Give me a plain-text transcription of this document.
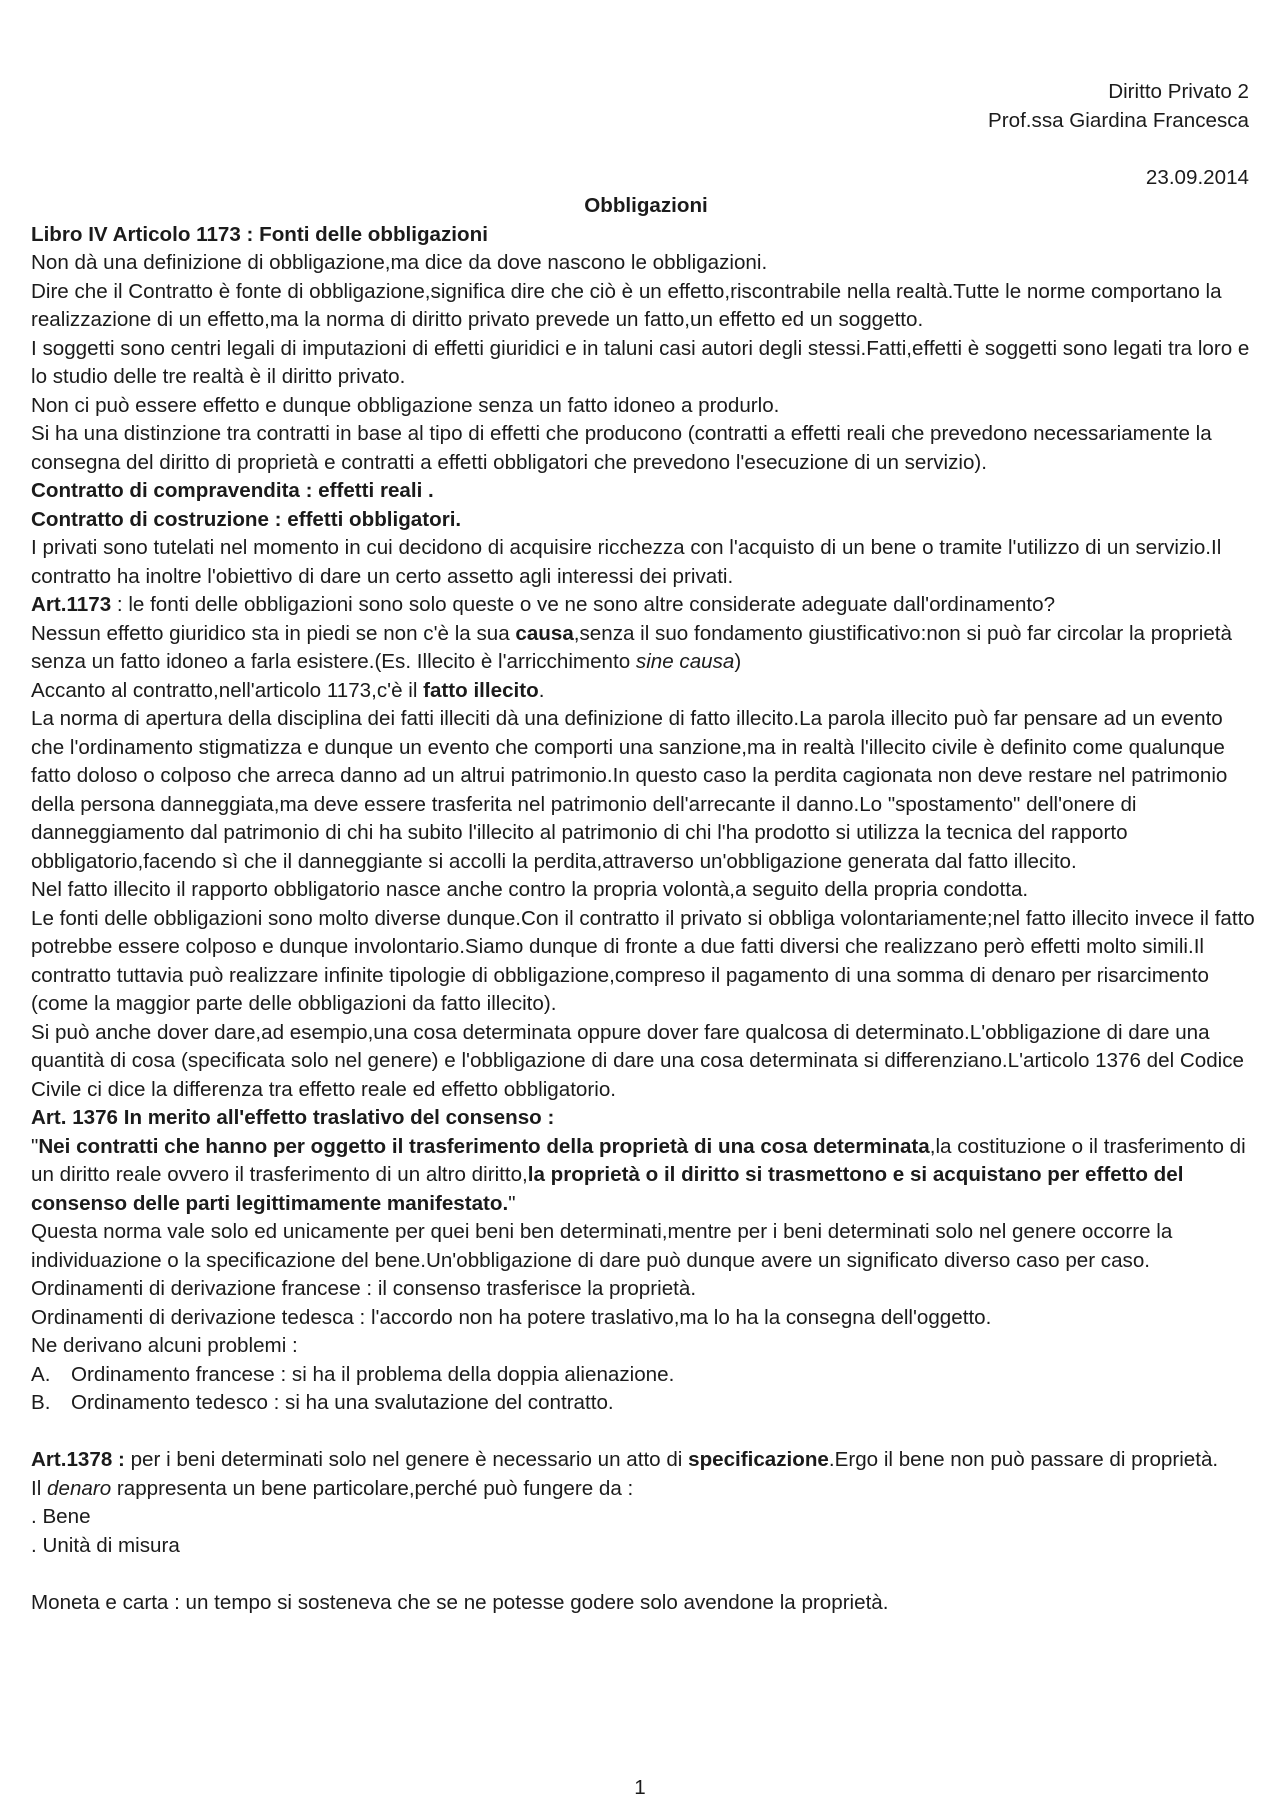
Diritto Privato 2
Prof.ssa Giardina Francesca
23.09.2014
Obbligazioni
Libro IV Articolo 1173 : Fonti delle obbligazioni
Non dà una definizione di obbligazione,ma dice da dove nascono le obbligazioni.
Dire che il Contratto è fonte di obbligazione,significa dire che ciò è un effetto,riscontrabile nella realtà.Tutte le norme comportano la realizzazione di un effetto,ma la norma di diritto privato prevede un fatto,un effetto ed un soggetto.
I soggetti sono centri legali di imputazioni di effetti giuridici e in taluni casi autori degli stessi.Fatti,effetti è soggetti sono legati tra loro e lo studio delle tre realtà è il diritto privato.
Non ci può essere effetto e dunque obbligazione senza un fatto idoneo a produrlo.
Si ha una distinzione tra contratti in base al tipo di effetti che producono (contratti a effetti reali che prevedono necessariamente la consegna del diritto di proprietà e contratti a effetti obbligatori che prevedono l'esecuzione di un servizio).
Contratto di compravendita : effetti reali .
Contratto di costruzione : effetti obbligatori.
I privati sono tutelati nel momento in cui decidono di acquisire ricchezza con l'acquisto di un bene o tramite l'utilizzo di un servizio.Il contratto ha inoltre l'obiettivo di dare un certo assetto agli interessi dei privati.
Art.1173 : le fonti delle obbligazioni sono solo queste o ve ne sono altre considerate adeguate dall'ordinamento?
Nessun effetto giuridico sta in piedi se non c'è la sua causa,senza il suo fondamento giustificativo:non si può far circolar la proprietà senza un fatto idoneo a farla esistere.(Es. Illecito è l'arricchimento sine causa)
Accanto al contratto,nell'articolo 1173,c'è il fatto illecito.
La norma di apertura della disciplina dei fatti illeciti dà una definizione di fatto illecito.La parola illecito può far pensare ad un evento che l'ordinamento stigmatizza e dunque un evento che comporti una sanzione,ma in realtà l'illecito civile è definito come qualunque fatto doloso o colposo che arreca danno ad un altrui patrimonio.In questo caso la perdita cagionata non deve restare nel patrimonio della persona danneggiata,ma deve essere trasferita nel patrimonio dell'arrecante il danno.Lo "spostamento" dell'onere di danneggiamento dal patrimonio di chi ha subito l'illecito al patrimonio di chi l'ha prodotto si utilizza la tecnica del rapporto obbligatorio,facendo sì che il danneggiante si accolli la perdita,attraverso un'obbligazione generata dal fatto illecito.
Nel fatto illecito il rapporto obbligatorio nasce anche contro la propria volontà,a seguito della propria condotta.
Le fonti delle obbligazioni sono molto diverse dunque.Con il contratto il privato si obbliga volontariamente;nel fatto illecito invece il fatto potrebbe essere colposo e dunque involontario.Siamo dunque di fronte a due fatti diversi che realizzano però effetti molto simili.Il contratto tuttavia può realizzare infinite tipologie di obbligazione,compreso il pagamento di una somma di denaro per risarcimento (come la maggior parte delle obbligazioni da fatto illecito).
Si può anche dover dare,ad esempio,una cosa determinata oppure dover fare qualcosa di determinato.L'obbligazione di dare una quantità di cosa (specificata solo nel genere) e l'obbligazione di dare una cosa determinata si differenziano.L'articolo 1376 del Codice Civile ci dice la differenza tra effetto reale ed effetto obbligatorio.
Art. 1376 In merito all'effetto traslativo del consenso :
"Nei contratti che hanno per oggetto il trasferimento della proprietà di una cosa determinata,la costituzione o il trasferimento di un diritto reale ovvero il trasferimento di un altro diritto,la proprietà o il diritto si trasmettono e si acquistano per effetto del consenso delle parti legittimamente manifestato."
Questa norma vale solo ed unicamente per quei beni ben determinati,mentre per i beni determinati solo nel genere occorre la individuazione o la specificazione del bene.Un'obbligazione di dare può dunque avere un significato diverso caso per caso.
Ordinamenti di derivazione francese : il consenso trasferisce la proprietà.
Ordinamenti di derivazione tedesca : l'accordo non ha potere traslativo,ma lo ha la consegna dell'oggetto.
Ne derivano alcuni problemi :
A. Ordinamento francese : si ha il problema della doppia alienazione.
B. Ordinamento tedesco : si ha una svalutazione del contratto.
Art.1378 : per i beni determinati solo nel genere è necessario un atto di specificazione.Ergo il bene non può passare di proprietà.
Il denaro rappresenta un bene particolare,perché può fungere da :
. Bene
. Unità di misura
Moneta e carta : un tempo si sosteneva che se ne potesse godere solo avendone la proprietà.
1
